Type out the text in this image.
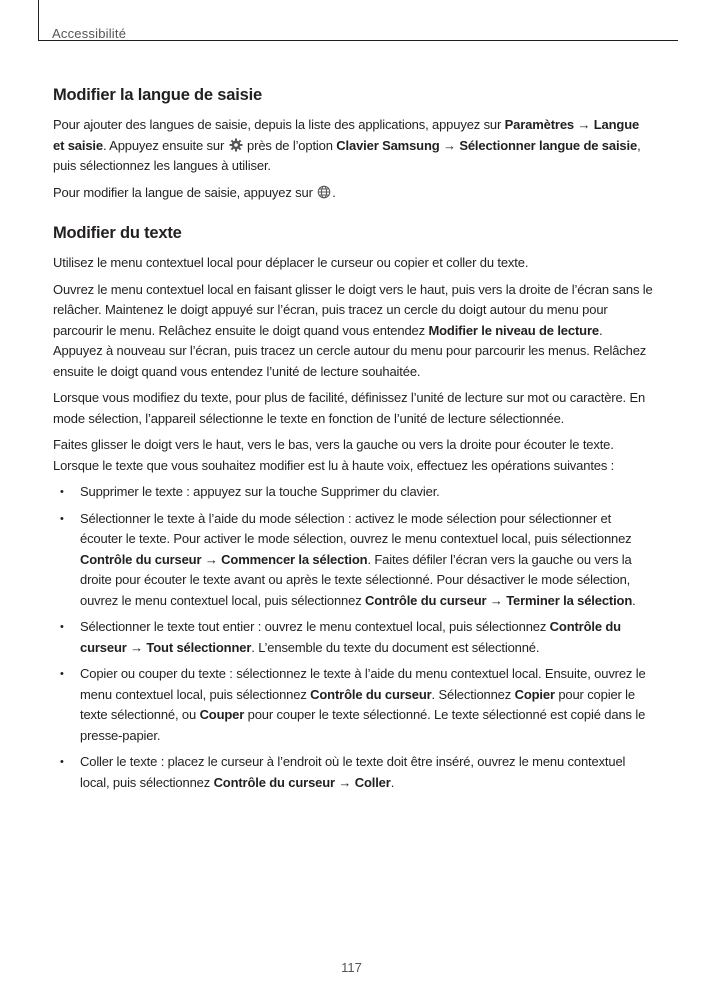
Accessibilité
Modifier la langue de saisie

Pour ajouter des langues de saisie, depuis la liste des applications, appuyez sur Paramètres → Langue et saisie. Appuyez ensuite sur  près de l’option Clavier Samsung → Sélectionner langue de saisie, puis sélectionnez les langues à utiliser.

Pour modifier la langue de saisie, appuyez sur .

Modifier du texte

Utilisez le menu contextuel local pour déplacer le curseur ou copier et coller du texte.

Ouvrez le menu contextuel local en faisant glisser le doigt vers le haut, puis vers la droite de l’écran sans le relâcher. Maintenez le doigt appuyé sur l’écran, puis tracez un cercle du doigt autour du menu pour parcourir le menu. Relâchez ensuite le doigt quand vous entendez Modifier le niveau de lecture. Appuyez à nouveau sur l’écran, puis tracez un cercle autour du menu pour parcourir les menus. Relâchez ensuite le doigt quand vous entendez l’unité de lecture souhaitée.

Lorsque vous modifiez du texte, pour plus de facilité, définissez l’unité de lecture sur mot ou caractère. En mode sélection, l’appareil sélectionne le texte en fonction de l’unité de lecture sélectionnée.

Faites glisser le doigt vers le haut, vers le bas, vers la gauche ou vers la droite pour écouter le texte. Lorsque le texte que vous souhaitez modifier est lu à haute voix, effectuez les opérations suivantes :

• Supprimer le texte : appuyez sur la touche Supprimer du clavier.
• Sélectionner le texte à l’aide du mode sélection : activez le mode sélection pour sélectionner et écouter le texte. Pour activer le mode sélection, ouvrez le menu contextuel local, puis sélectionnez Contrôle du curseur → Commencer la sélection. Faites défiler l’écran vers la gauche ou vers la droite pour écouter le texte avant ou après le texte sélectionné. Pour désactiver le mode sélection, ouvrez le menu contextuel local, puis sélectionnez Contrôle du curseur → Terminer la sélection.
• Sélectionner le texte tout entier : ouvrez le menu contextuel local, puis sélectionnez Contrôle du curseur → Tout sélectionner. L’ensemble du texte du document est sélectionné.
• Copier ou couper du texte : sélectionnez le texte à l’aide du menu contextuel local. Ensuite, ouvrez le menu contextuel local, puis sélectionnez Contrôle du curseur. Sélectionnez Copier pour copier le texte sélectionné, ou Couper pour couper le texte sélectionné. Le texte sélectionné est copié dans le presse-papier.
• Coller le texte : placez le curseur à l’endroit où le texte doit être inséré, ouvrez le menu contextuel local, puis sélectionnez Contrôle du curseur → Coller.
117
